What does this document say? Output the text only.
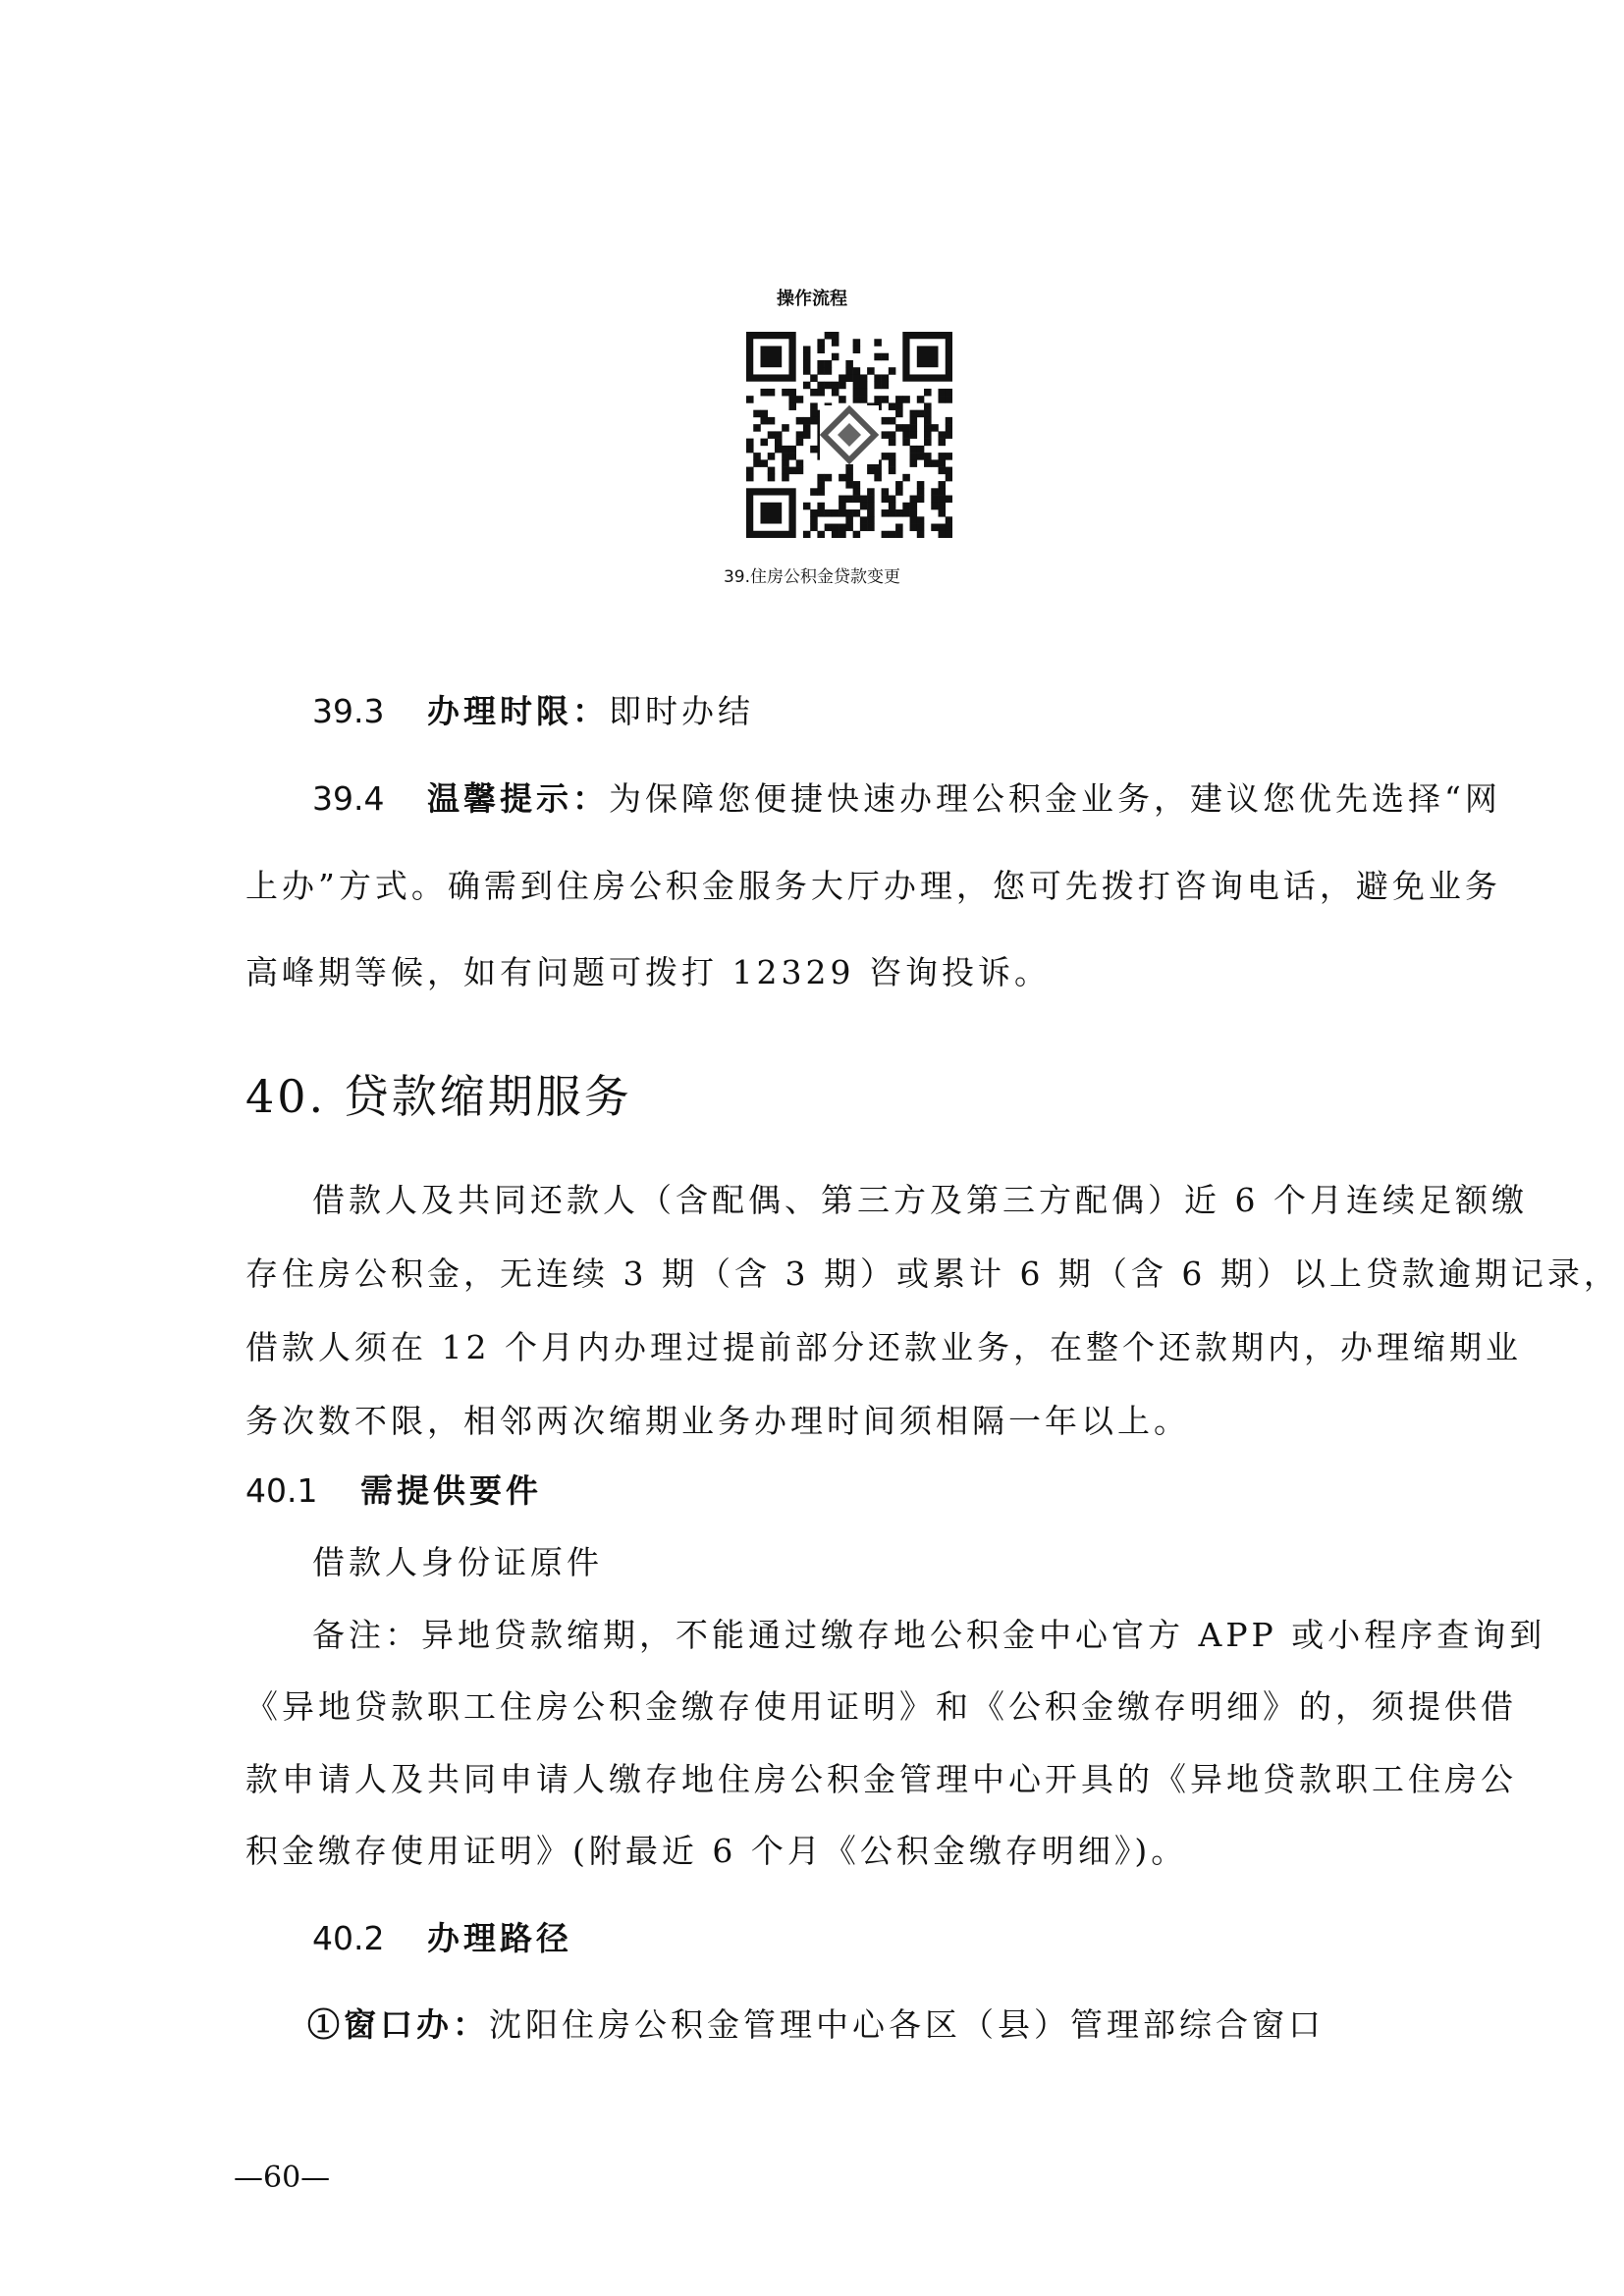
操作流程
39.住房公积金贷款变更
39.3 办理时限：即时办结
39.4 温馨提示：为保障您便捷快速办理公积金业务，建议您优先选择“网
上办”方式。确需到住房公积金服务大厅办理，您可先拨打咨询电话，避免业务
高峰期等候，如有问题可拨打 12329 咨询投诉。
40. 贷款缩期服务
借款人及共同还款人（含配偶、第三方及第三方配偶）近 6 个月连续足额缴
存住房公积金，无连续 3 期（含 3 期）或累计 6 期（含 6 期）以上贷款逾期记录，
借款人须在 12 个月内办理过提前部分还款业务，在整个还款期内，办理缩期业
务次数不限，相邻两次缩期业务办理时间须相隔一年以上。
40.1 需提供要件
借款人身份证原件
备注：异地贷款缩期，不能通过缴存地公积金中心官方 APP 或小程序查询到
《异地贷款职工住房公积金缴存使用证明》和《公积金缴存明细》的，须提供借
款申请人及共同申请人缴存地住房公积金管理中心开具的《异地贷款职工住房公
积金缴存使用证明》(附最近 6 个月《公积金缴存明细》)。
40.2 办理路径
①窗口办：沈阳住房公积金管理中心各区（县）管理部综合窗口
—60—
